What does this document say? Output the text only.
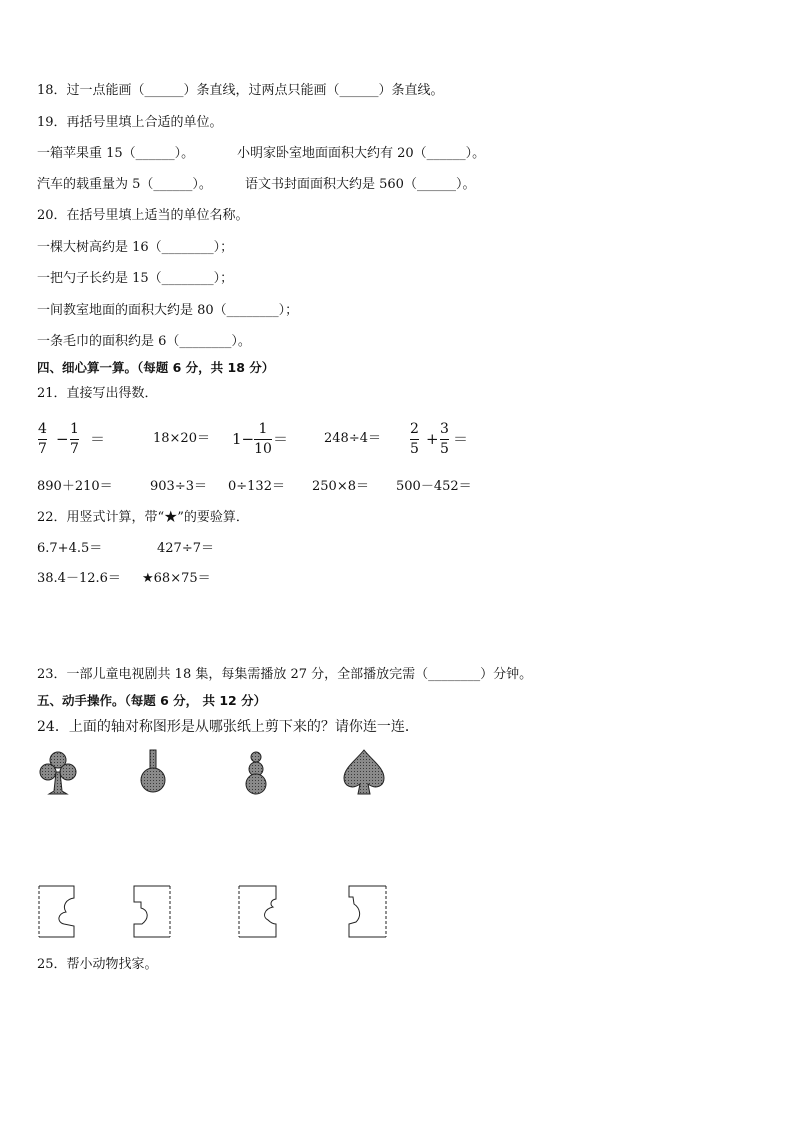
18．过一点能画（______）条直线，过两点只能画（______）条直线。
19．再括号里填上合适的单位。
一箱苹果重 15（______）。	小明家卧室地面面积大约有 20（______）。
汽车的载重量为 5（______）。	语文书封面面积大约是 560（______）。
20．在括号里填上适当的单位名称。
一棵大树高约是 16（________）；
一把勺子长约是 15（________）；
一间教室地面的面积大约是 80（________）；
一条毛巾的面积约是 6（________）。
四、细心算一算。（每题 6 分，共 18 分）
21．直接写出得数．
4
7
−
1
7
＝	18×20＝ 1−
1
10
＝	248÷4＝
2
5
+
3
5
＝
890＋210＝	903÷3＝ 0÷132＝ 250×8＝ 500－452＝
22．用竖式计算，带“★”的要验算．
6.7+4.5＝	427÷7＝
38.4－12.6＝ ★68×75＝
23．一部儿童电视剧共 18 集，每集需播放 27 分，全部播放完需（________）分钟。
五、动手操作。（每题 6 分， 共 12 分）
24．上面的轴对称图形是从哪张纸上剪下来的？请你连一连．
25．帮小动物找家。
